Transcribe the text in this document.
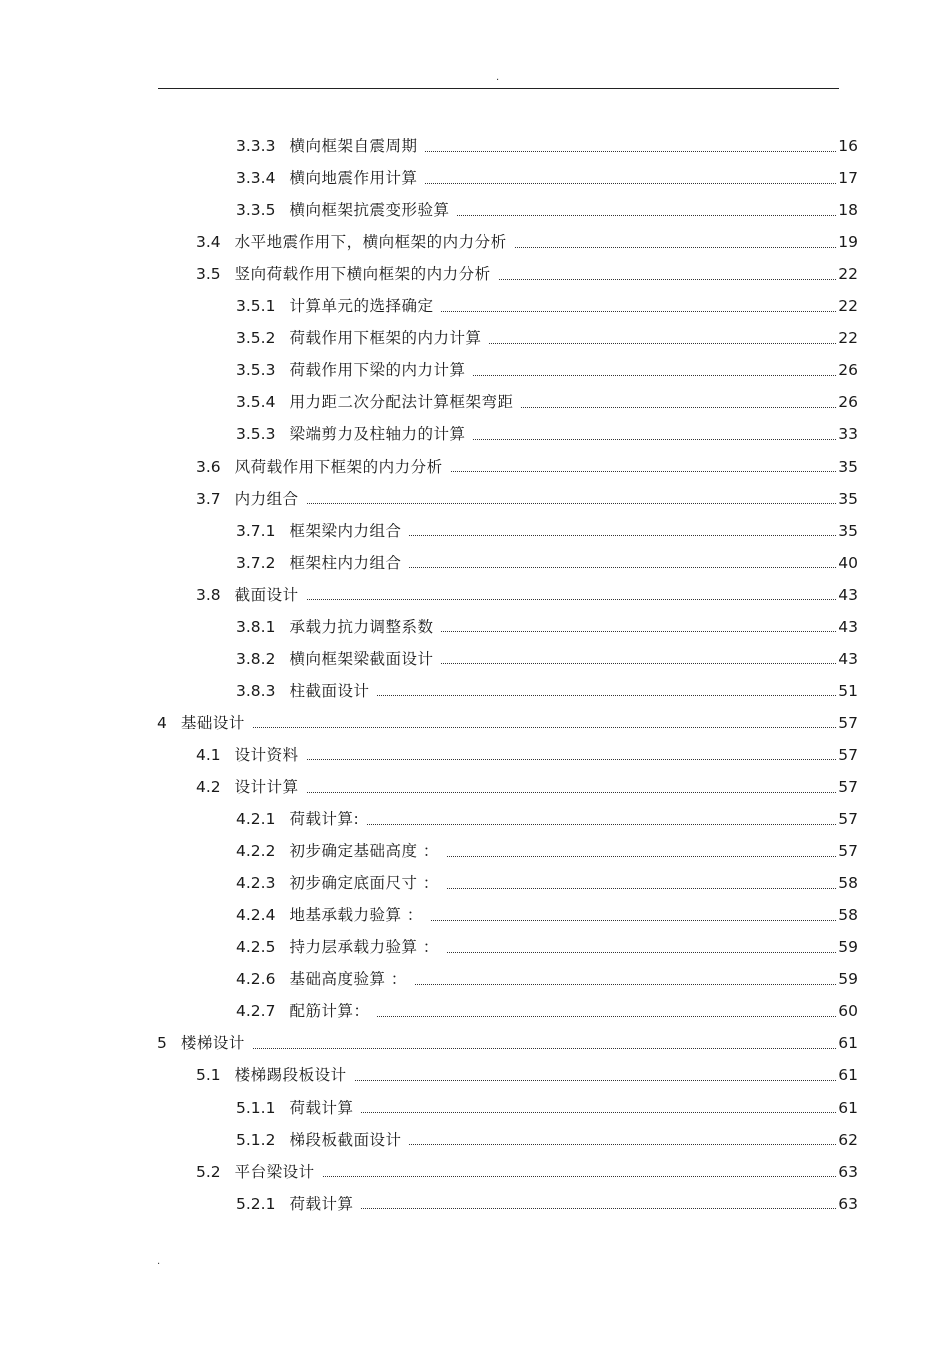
.
3.3.3 横向框架自震周期	16
3.3.4 横向地震作用计算	17
3.3.5 横向框架抗震变形验算	18
3.4 水平地震作用下，横向框架的内力分析	19
3.5 竖向荷载作用下横向框架的内力分析	22
3.5.1 计算单元的选择确定	22
3.5.2 荷载作用下框架的内力计算	22
3.5.3 荷载作用下梁的内力计算	26
3.5.4 用力距二次分配法计算框架弯距	26
3.5.3 梁端剪力及柱轴力的计算	33
3.6 风荷载作用下框架的内力分析	35
3.7 内力组合	35
3.7.1 框架梁内力组合	35
3.7.2 框架柱内力组合	40
3.8 截面设计	43
3.8.1 承载力抗力调整系数	43
3.8.2 横向框架梁截面设计	43
3.8.3 柱截面设计	51
4 基础设计	57
4.1 设计资料	57
4.2 设计计算	57
4.2.1 荷载计算:	57
4.2.2 初步确定基础高度 ：	57
4.2.3 初步确定底面尺寸 ：	58
4.2.4 地基承载力验算 ：	58
4.2.5 持力层承载力验算 ：	59
4.2.6 基础高度验算 ：	59
4.2.7 配筋计算：	60
5 楼梯设计	61
5.1 楼梯踢段板设计	61
5.1.1 荷载计算	61
5.1.2 梯段板截面设计	62
5.2 平台梁设计	63
5.2.1 荷载计算	63
.
